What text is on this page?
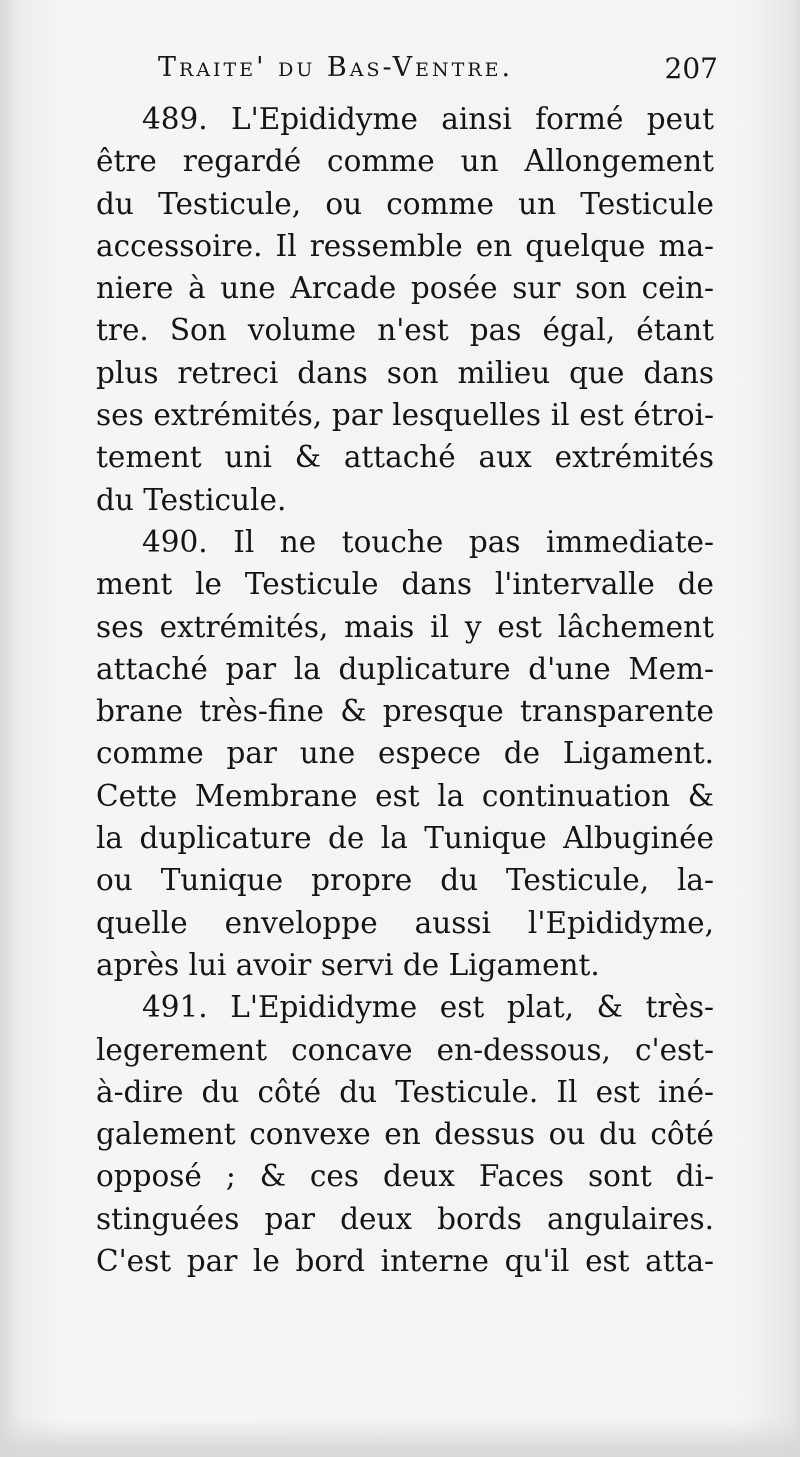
Traite' du Bas-Ventre.	207
489. L'Epididyme ainsi formé peut
être regardé comme un Allongement
du Testicule, ou comme un Testicule
accessoire. Il ressemble en quelque ma-
niere à une Arcade posée sur son cein-
tre. Son volume n'est pas égal, étant
plus retreci dans son milieu que dans
ses extrémités, par lesquelles il est étroi-
tement uni & attaché aux extrémités
du Testicule.
490. Il ne touche pas immediate-
ment le Testicule dans l'intervalle de
ses extrémités, mais il y est lâchement
attaché par la duplicature d'une Mem-
brane très-fine & presque transparente
comme par une espece de Ligament.
Cette Membrane est la continuation &
la duplicature de la Tunique Albuginée
ou Tunique propre du Testicule, la-
quelle enveloppe aussi l'Epididyme,
après lui avoir servi de Ligament.
491. L'Epididyme est plat, & très-
legerement concave en-dessous, c'est-
à-dire du côté du Testicule. Il est iné-
galement convexe en dessus ou du côté
opposé ; & ces deux Faces sont di-
stinguées par deux bords angulaires.
C'est par le bord interne qu'il est atta-
